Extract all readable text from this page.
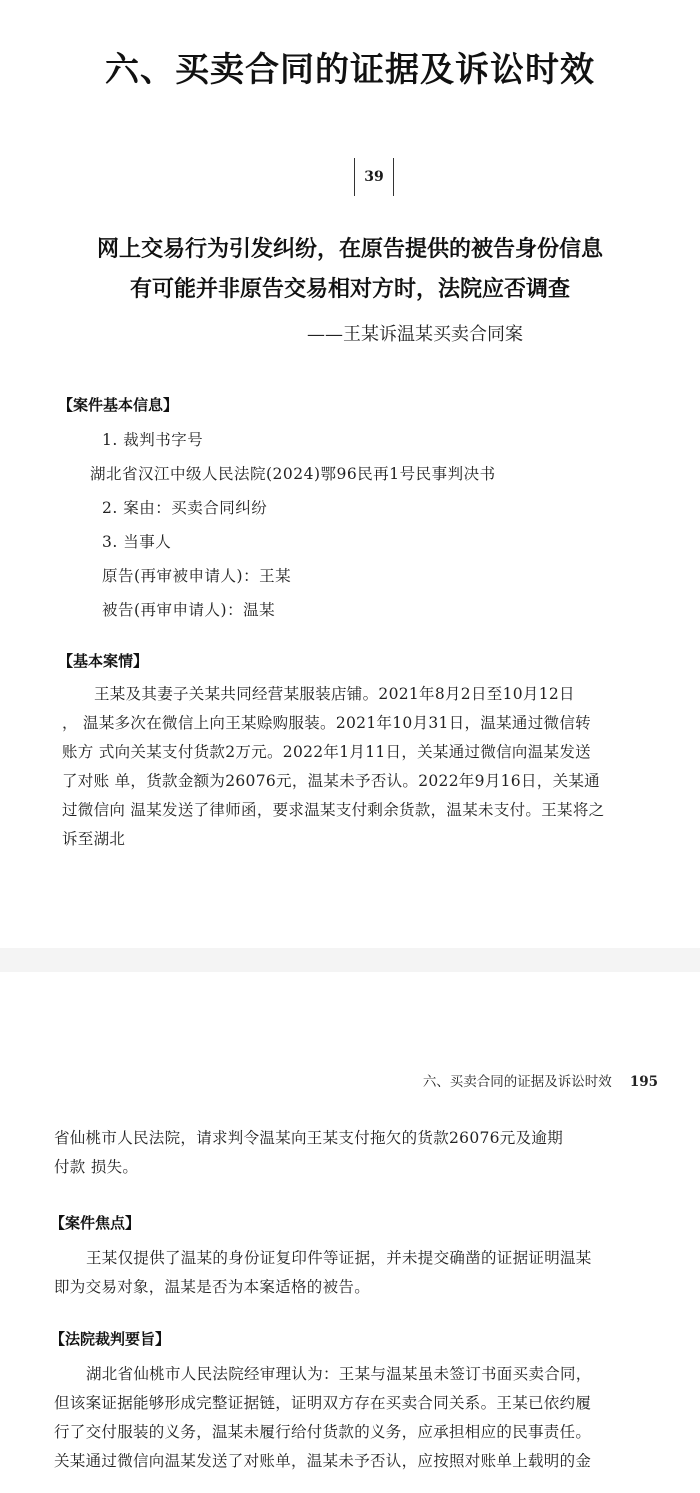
六、买卖合同的证据及诉讼时效
39
网上交易行为引发纠纷，在原告提供的被告身份信息
有可能并非原告交易相对方时，法院应否调查
——王某诉温某买卖合同案
【案件基本信息】
1. 裁判书字号
湖北省汉江中级人民法院(2024)鄂96民再1号民事判决书
2. 案由：买卖合同纠纷
3. 当事人
原告(再审被申请人)：王某
被告(再审申请人)：温某
【基本案情】
王某及其妻子关某共同经营某服装店铺。2021年8月2日至10月12日
， 温某多次在微信上向王某赊购服装。2021年10月31日，温某通过微信转
账方 式向关某支付货款2万元。2022年1月11日，关某通过微信向温某发送
了对账 单，货款金额为26076元，温某未予否认。2022年9月16日，关某通
过微信向 温某发送了律师函，要求温某支付剩余货款，温某未支付。王某将之
诉至湖北
六、买卖合同的证据及诉讼时效 195
省仙桃市人民法院，请求判令温某向王某支付拖欠的货款26076元及逾期
付款 损失。
【案件焦点】
王某仅提供了温某的身份证复印件等证据，并未提交确凿的证据证明温某
即为交易对象，温某是否为本案适格的被告。
【法院裁判要旨】
湖北省仙桃市人民法院经审理认为：王某与温某虽未签订书面买卖合同，
但该案证据能够形成完整证据链，证明双方存在买卖合同关系。王某已依约履
行了交付服装的义务，温某未履行给付货款的义务，应承担相应的民事责任。
关某通过微信向温某发送了对账单，温某未予否认，应按照对账单上载明的金
